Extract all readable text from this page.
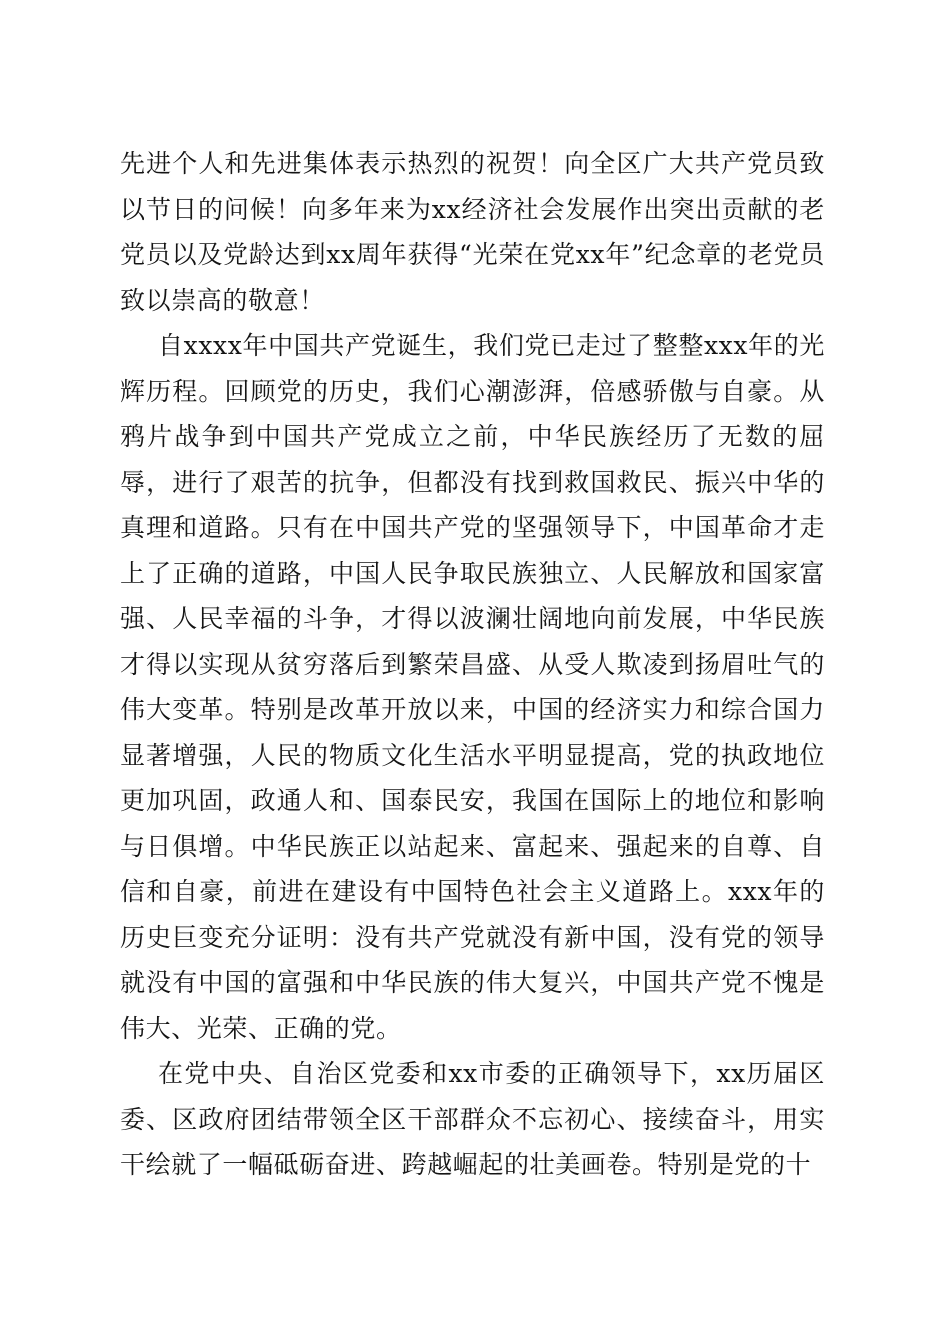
先进个人和先进集体表示热烈的祝贺！向全区广大共产党员致以节日的问候！向多年来为xx经济社会发展作出突出贡献的老党员以及党龄达到xx周年获得“光荣在党xx年”纪念章的老党员致以崇高的敬意！

自xxxx年中国共产党诞生，我们党已走过了整整xxx年的光辉历程。回顾党的历史，我们心潮澎湃，倍感骄傲与自豪。从鸦片战争到中国共产党成立之前，中华民族经历了无数的屈辱，进行了艰苦的抗争，但都没有找到救国救民、振兴中华的真理和道路。只有在中国共产党的坚强领导下，中国革命才走上了正确的道路，中国人民争取民族独立、人民解放和国家富强、人民幸福的斗争，才得以波澜壮阔地向前发展，中华民族才得以实现从贫穷落后到繁荣昌盛、从受人欺凌到扬眉吐气的伟大变革。特别是改革开放以来，中国的经济实力和综合国力显著增强，人民的物质文化生活水平明显提高，党的执政地位更加巩固，政通人和、国泰民安，我国在国际上的地位和影响与日俱增。中华民族正以站起来、富起来、强起来的自尊、自信和自豪，前进在建设有中国特色社会主义道路上。xxx年的历史巨变充分证明：没有共产党就没有新中国，没有党的领导就没有中国的富强和中华民族的伟大复兴，中国共产党不愧是伟大、光荣、正确的党。

在党中央、自治区党委和xx市委的正确领导下，xx历届区委、区政府团结带领全区干部群众不忘初心、接续奋斗，用实干绘就了一幅砥砺奋进、跨越崛起的壮美画卷。特别是党的十
